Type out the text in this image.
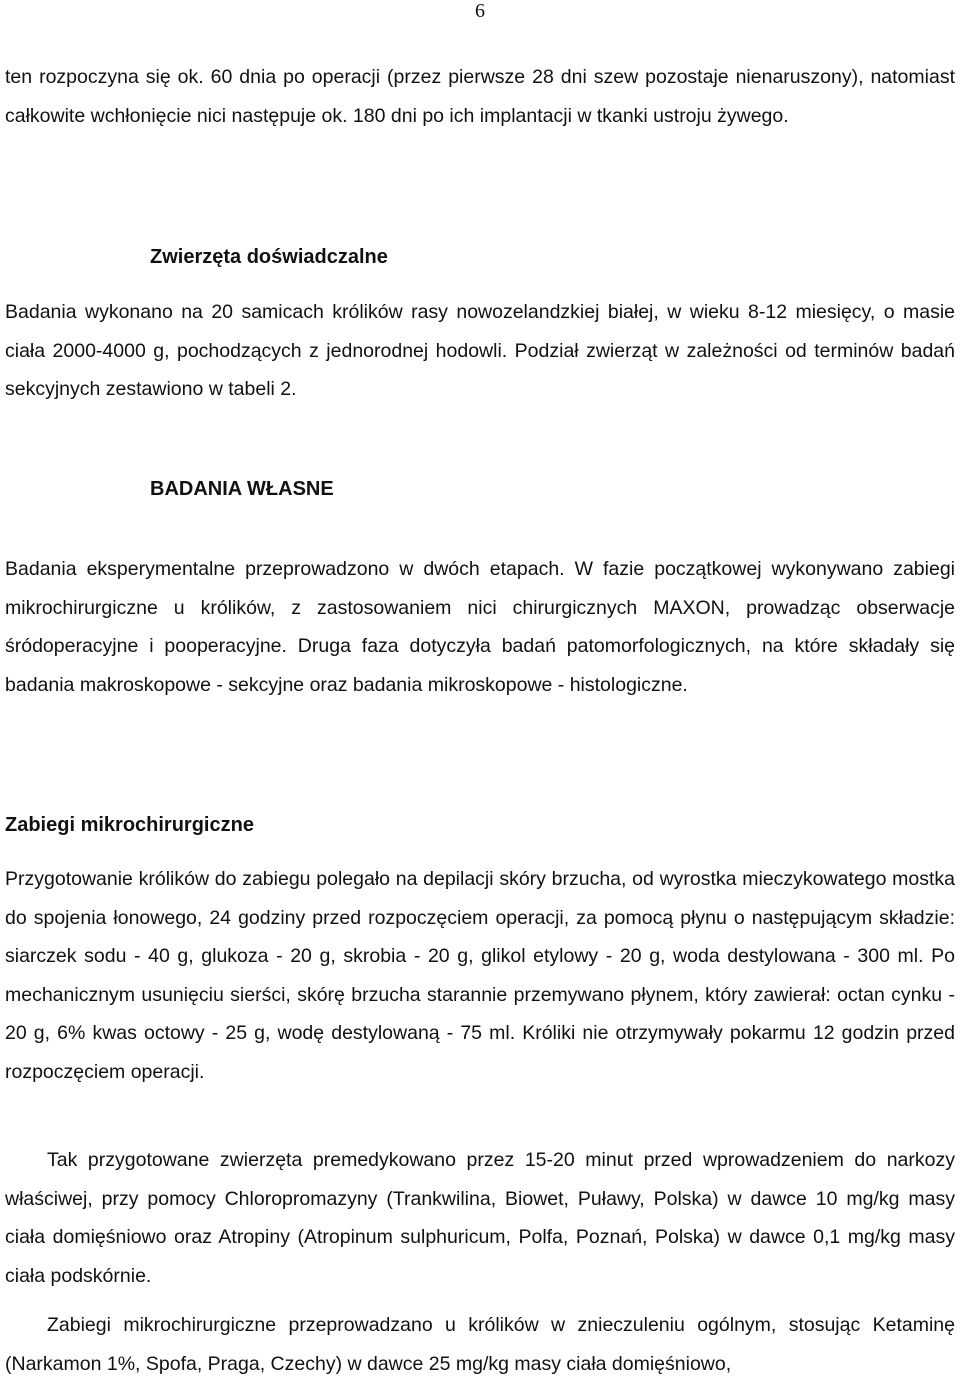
6

ten rozpoczyna się ok. 60 dnia po operacji (przez pierwsze 28 dni szew pozostaje nienaruszony), natomiast całkowite wchłonięcie nici następuje ok. 180 dni po ich implantacji w tkanki ustroju żywego.

Zwierzęta doświadczalne

Badania wykonano na 20 samicach królików rasy nowozelandzkiej białej, w wieku 8-12 miesięcy, o masie ciała 2000-4000 g, pochodzących z jednorodnej hodowli. Podział zwierząt w zależności od terminów badań sekcyjnych zestawiono w tabeli 2.

BADANIA WŁASNE

Badania eksperymentalne przeprowadzono w dwóch etapach. W fazie początkowej wykonywano zabiegi mikrochirurgiczne u królików, z zastosowaniem nici chirurgicznych MAXON, prowadząc obserwacje śródoperacyjne i pooperacyjne. Druga faza dotyczyła badań patomorfologicznych, na które składały się badania makroskopowe - sekcyjne oraz badania mikroskopowe - histologiczne.

Zabiegi mikrochirurgiczne

Przygotowanie królików do zabiegu polegało na depilacji skóry brzucha, od wyrostka mieczykowatego mostka do spojenia łonowego, 24 godziny przed rozpoczęciem operacji, za pomocą płynu o następującym składzie: siarczek sodu - 40 g, glukoza - 20 g, skrobia - 20 g, glikol etylowy - 20 g, woda destylowana - 300 ml. Po mechanicznym usunięciu sierści, skórę brzucha starannie przemywano płynem, który zawierał: octan cynku - 20 g, 6% kwas octowy - 25 g, wodę destylowaną - 75 ml. Króliki nie otrzymywały pokarmu 12 godzin przed rozpoczęciem operacji.

Tak przygotowane zwierzęta premedykowano przez 15-20 minut przed wprowadzeniem do narkozy właściwej, przy pomocy Chloropromazyny (Trankwilina, Biowet, Puławy, Polska) w dawce 10 mg/kg masy ciała domięśniowo oraz Atropiny (Atropinum sulphuricum, Polfa, Poznań, Polska) w dawce 0,1 mg/kg masy ciała podskórnie.

Zabiegi mikrochirurgiczne przeprowadzano u królików w znieczuleniu ogólnym, stosując Ketaminę (Narkamon 1%, Spofa, Praga, Czechy) w dawce 25 mg/kg masy ciała domięśniowo,
